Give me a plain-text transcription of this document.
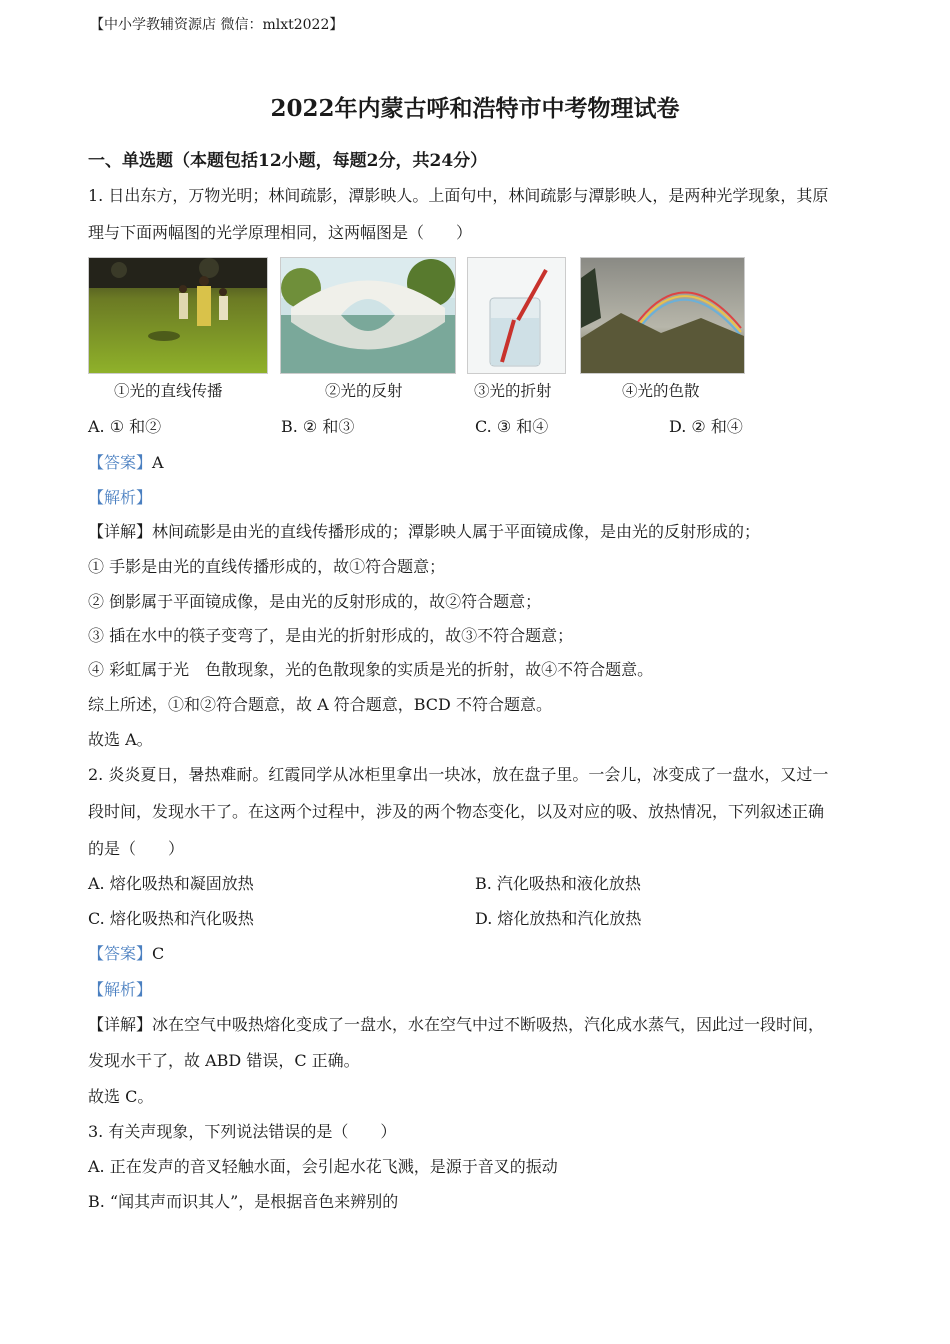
【中小学教辅资源店 微信：mlxt2022】
2022年内蒙古呼和浩特市中考物理试卷
一、单选题（本题包括12小题，每题2分，共24分）
1. 日出东方，万物光明；林间疏影，潭影映人。上面句中，林间疏影与潭影映人，是两种光学现象，其原
理与下面两幅图的光学原理相同，这两幅图是（　　）
①光的直线传播	②光的反射	③光的折射	④光的色散
A. ① 和②	B. ② 和③	C. ③ 和④	D. ② 和④
【答案】A
【解析】
【详解】林间疏影是由光的直线传播形成的；潭影映人属于平面镜成像，是由光的反射形成的；
① 手影是由光的直线传播形成的，故①符合题意；
② 倒影属于平面镜成像，是由光的反射形成的，故②符合题意；
③ 插在水中的筷子变弯了，是由光的折射形成的，故③不符合题意；
④ 彩虹属于光　色散现象，光的色散现象的实质是光的折射，故④不符合题意。
综上所述，①和②符合题意，故 A 符合题意，BCD 不符合题意。
故选 A。
2. 炎炎夏日，暑热难耐。红霞同学从冰柜里拿出一块冰，放在盘子里。一会儿，冰变成了一盘水，又过一
段时间，发现水干了。在这两个过程中，涉及的两个物态变化，以及对应的吸、放热情况，下列叙述正确
的是（　　）
A. 熔化吸热和凝固放热	B. 汽化吸热和液化放热
C. 熔化吸热和汽化吸热	D. 熔化放热和汽化放热
【答案】C
【解析】
【详解】冰在空气中吸热熔化变成了一盘水，水在空气中过不断吸热，汽化成水蒸气，因此过一段时间，
发现水干了，故 ABD 错误，C 正确。
故选 C。
3. 有关声现象，下列说法错误的是（　　）
A. 正在发声的音叉轻触水面，会引起水花飞溅，是源于音叉的振动
B. “闻其声而识其人”，是根据音色来辨别的
